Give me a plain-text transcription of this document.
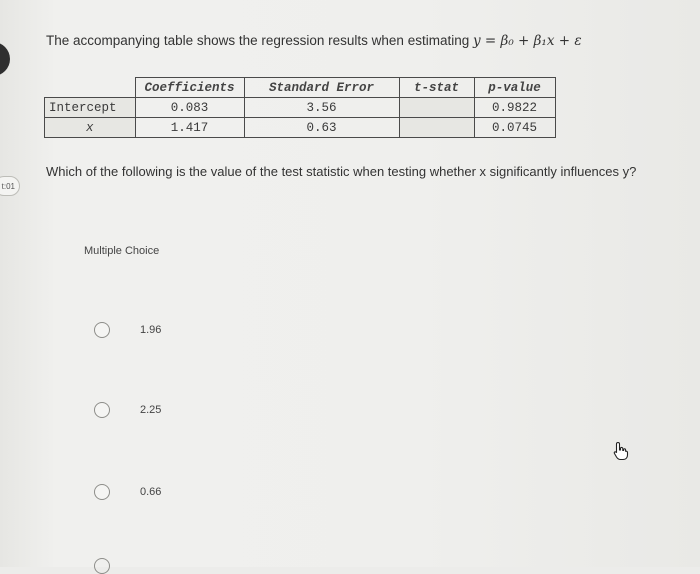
t:01
The accompanying table shows the regression results when estimating y = β₀ + β₁x + ε
	Coefficients	Standard Error	t-stat	p-value
Intercept	0.083	3.56		0.9822
x	1.417	0.63		0.0745
Which of the following is the value of the test statistic when testing whether x significantly influences y?
Multiple Choice
1.96
2.25
0.66
